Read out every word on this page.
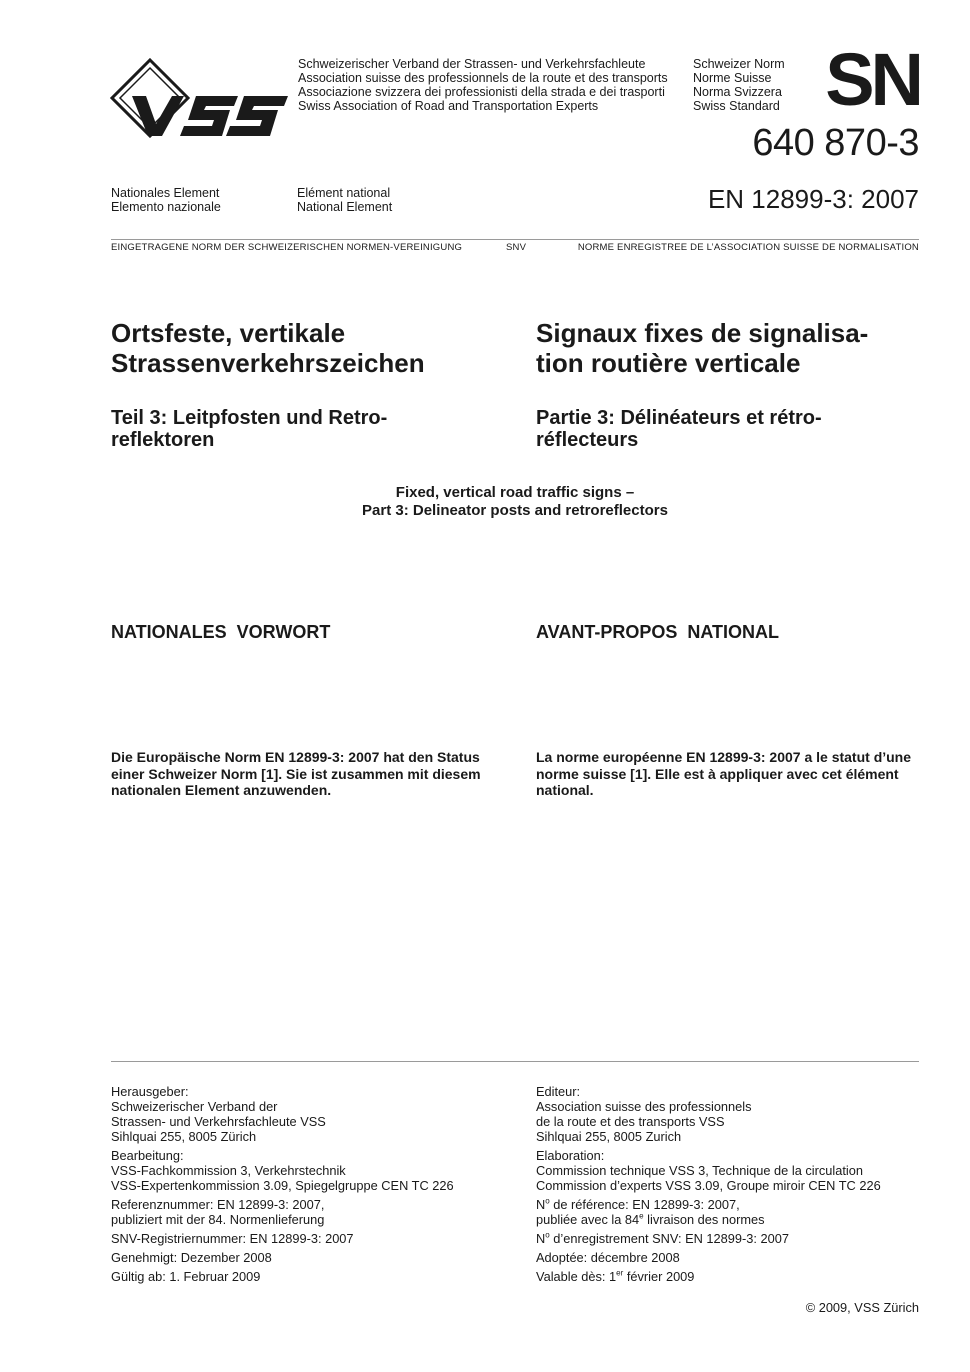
Schweizerischer Verband der Strassen- und Verkehrsfachleute
Association suisse des professionnels de la route et des transports
Associazione svizzera dei professionisti della strada e dei trasporti
Swiss Association of Road and Transportation Experts
Schweizer Norm
Norme Suisse
Norma Svizzera
Swiss Standard SN
640 870-3
Nationales Element
Elemento nazionale
Elément national
National Element	EN 12899-3: 2007
EINGETRAGENE NORM DER SCHWEIZERISCHEN NORMEN-VEREINIGUNG	SNV	NORME ENREGISTREE DE L’ASSOCIATION SUISSE DE NORMALISATION
Ortsfeste, vertikale
Strassenverkehrszeichen
Signaux fixes de signalisa-
tion routière verticale
Teil 3: Leitpfosten und Retro-
reflektoren
Partie 3: Délinéateurs et rétro-
réflecteurs
Fixed, vertical road traffic signs –
Part 3: Delineator posts and retroreflectors
NATIONALES  VORWORT	AVANT-PROPOS  NATIONAL
Die Europäische Norm EN 12899-3: 2007 hat den Status
einer Schweizer Norm [1]. Sie ist zusammen mit diesem
nationalen Element anzuwenden.
La norme européenne EN 12899-3: 2007 a le statut d’une
norme suisse [1]. Elle est à appliquer avec cet élément
national.
Herausgeber:
Schweizerischer Verband der
Strassen- und Verkehrsfachleute VSS
Sihlquai 255, 8005 Zürich
Bearbeitung:
VSS-Fachkommission 3, Verkehrstechnik
VSS-Expertenkommission 3.09, Spiegelgruppe CEN TC 226
Referenznummer: EN 12899-3: 2007,
publiziert mit der 84. Normenlieferung
SNV-Registriernummer: EN 12899-3: 2007
Genehmigt: Dezember 2008
Gültig ab: 1. Februar 2009
Editeur:
Association suisse des professionnels
de la route et des transports VSS
Sihlquai 255, 8005 Zurich
Elaboration:
Commission technique VSS 3, Technique de la circulation
Commission d’experts VSS 3.09, Groupe miroir CEN TC 226
$N^o$ de référence: EN 12899-3: 2007,
publiée avec la 84e livraison des normes
$N^o$ d’enregistrement SNV: EN 12899-3: 2007
Adoptée: décembre 2008
Valable dès: 1er février 2009
© 2009, VSS Zürich
